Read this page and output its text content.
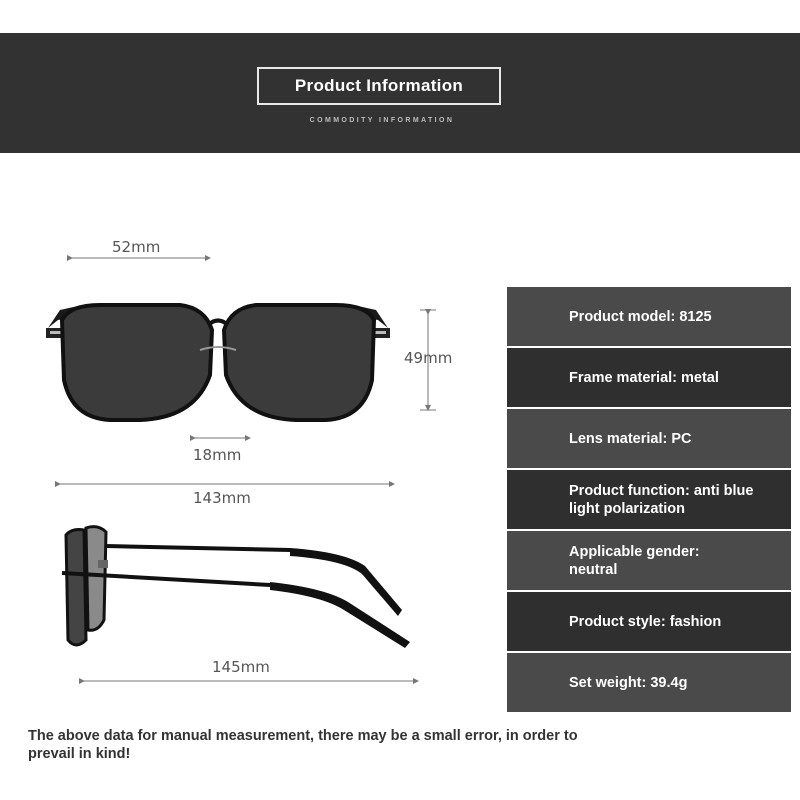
Product Information
COMMODITY INFORMATION
52mm
49mm
18mm
143mm
145mm
Product model: 8125
Frame material: metal
Lens material: PC
Product function: anti blue light polarization
Applicable gender: neutral
Product style: fashion
Set weight: 39.4g
The above data for manual measurement, there may be a small error, in order to prevail in kind!
